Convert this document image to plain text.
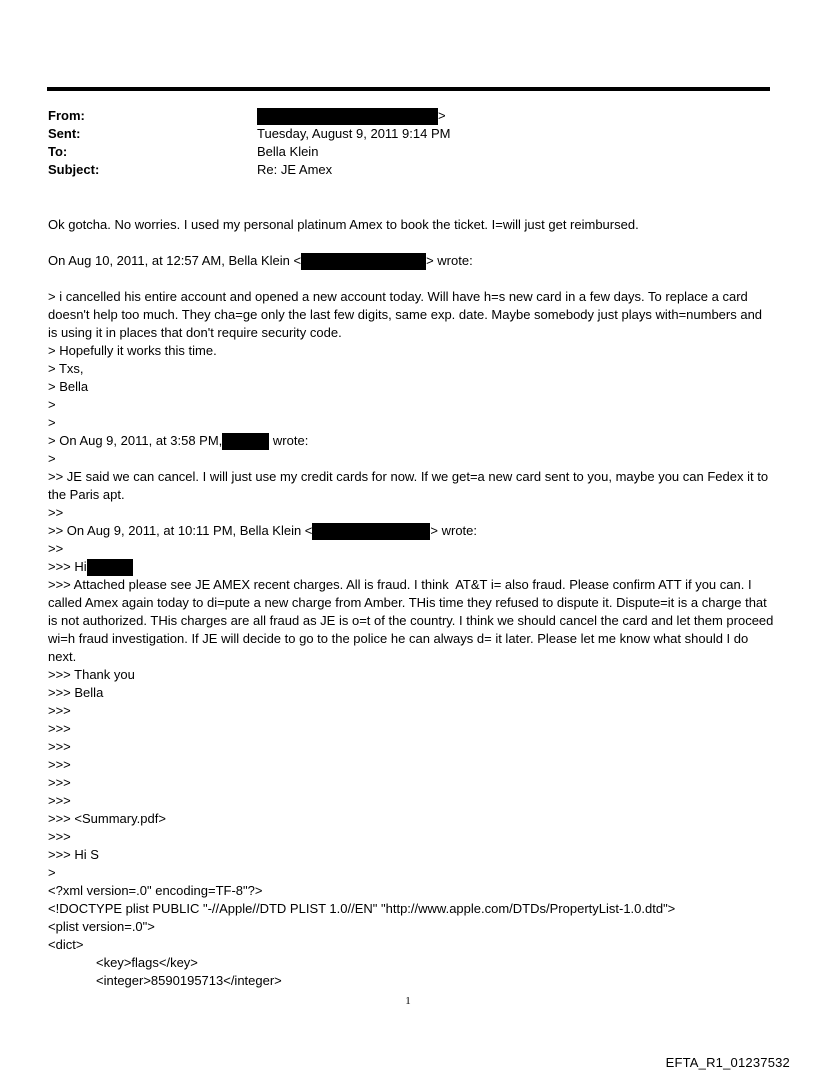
From:	>
Sent:	Tuesday, August 9, 2011 9:14 PM
To:	Bella Klein
Subject:	Re: JE Amex

Ok gotcha. No worries. I used my personal platinum Amex to book the ticket. I=will just get reimbursed.

On Aug 10, 2011, at 12:57 AM, Bella Klein <	> wrote:

> i cancelled his entire account and opened a new account today. Will have h=s new card in a few days. To replace a card doesn't help too much. They cha=ge only the last few digits, same exp. date. Maybe somebody just plays with=numbers and is using it in places that don't require security code.

> Hopefully it works this time.

> Txs,

> Bella

>

>

> On Aug 9, 2011, at 3:58 PM,	wrote:

>

>> JE said we can cancel. I will just use my credit cards for now. If we get=a new card sent to you, maybe you can Fedex it to the Paris apt.

>>

>> On Aug 9, 2011, at 10:11 PM, Bella Klein <	> wrote:

>>

>>> Hi

>>> Attached please see JE AMEX recent charges. All is fraud. I think  AT&T i= also fraud. Please confirm ATT if you can. I called Amex again today to di=pute a new charge from Amber. THis time they refused to dispute it. Dispute=it is a charge that is not authorized. THis charges are all fraud as JE is o=t of the country. I think we should cancel the card and let them proceed wi=h fraud investigation. If JE will decide to go to the police he can always d= it later. Please let me know what should I do next.

>>> Thank you

>>> Bella

>>>

>>>

>>>

>>>

>>>

>>>

>>> <Summary.pdf>

>>>

>>> Hi S

>

<?xml version=.0" encoding=TF-8"?>

<!DOCTYPE plist PUBLIC "-//Apple//DTD PLIST 1.0//EN" "http://www.apple.com/DTDs/PropertyList-1.0.dtd">

<plist version=.0">

<dict>

<key>flags</key>

<integer>8590195713</integer>

1
EFTA_R1_01237532
